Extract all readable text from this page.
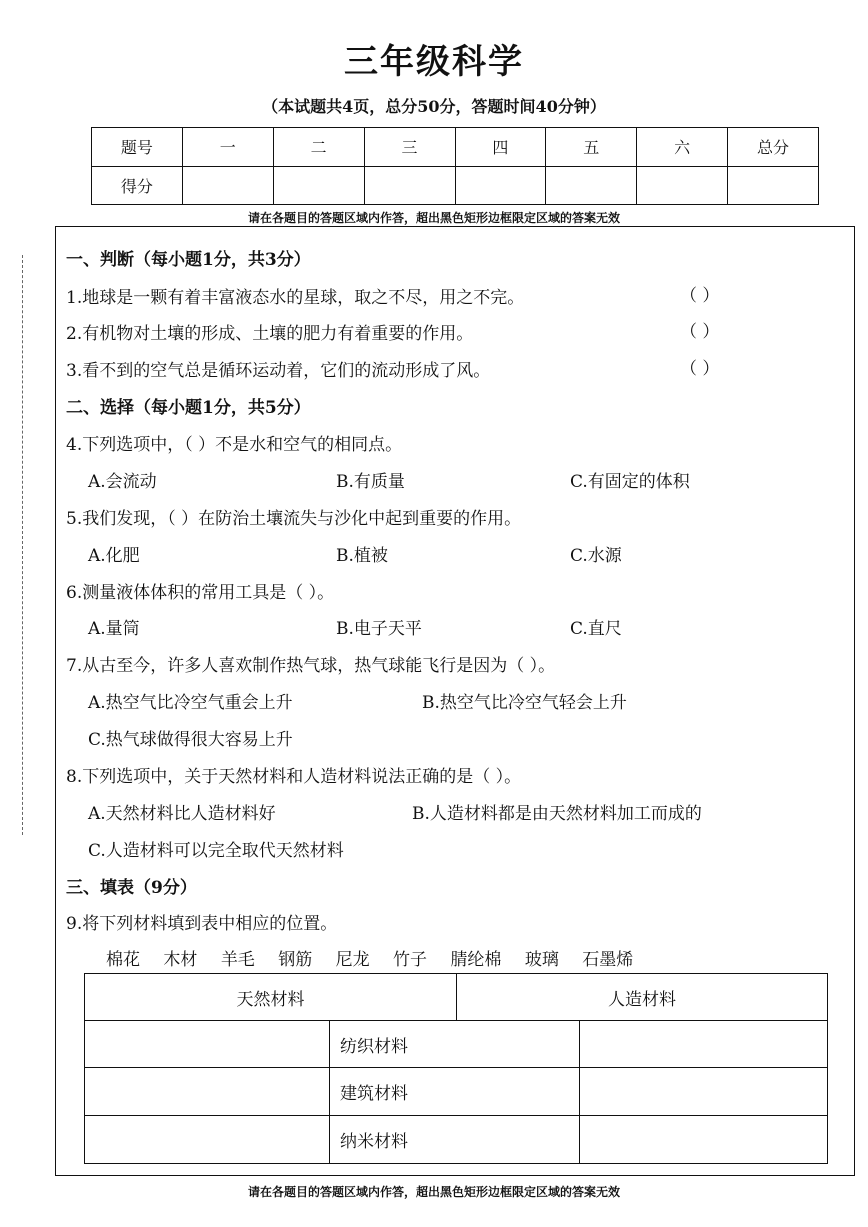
三年级科学
（本试题共4页，总分50分，答题时间40分钟）
题号	一	二	三	四	五	六	总分
得分							
请在各题目的答题区域内作答，超出黑色矩形边框限定区域的答案无效
一、判断（每小题1分，共3分）
1.地球是一颗有着丰富液态水的星球，取之不尽，用之不完。	（ ）
2.有机物对土壤的形成、土壤的肥力有着重要的作用。	（ ）
3.看不到的空气总是循环运动着，它们的流动形成了风。	（ ）
二、选择（每小题1分，共5分）
4.下列选项中，（ ）不是水和空气的相同点。
A.会流动	B.有质量	C.有固定的体积
5.我们发现，（ ）在防治土壤流失与沙化中起到重要的作用。
A.化肥	B.植被	C.水源
6.测量液体体积的常用工具是（ ）。
A.量筒	B.电子天平	C.直尺
7.从古至今，许多人喜欢制作热气球，热气球能飞行是因为（ ）。
A.热空气比冷空气重会上升	B.热空气比冷空气轻会上升
C.热气球做得很大容易上升
8.下列选项中，关于天然材料和人造材料说法正确的是（ ）。
A.天然材料比人造材料好	B.人造材料都是由天然材料加工而成的
C.人造材料可以完全取代天然材料
三、填表（9分）
9.将下列材料填到表中相应的位置。
棉花 木材 羊毛 钢筋 尼龙 竹子 腈纶棉 玻璃 石墨烯
天然材料	人造材料
纺织材料
建筑材料
纳米材料
请在各题目的答题区域内作答，超出黑色矩形边框限定区域的答案无效
